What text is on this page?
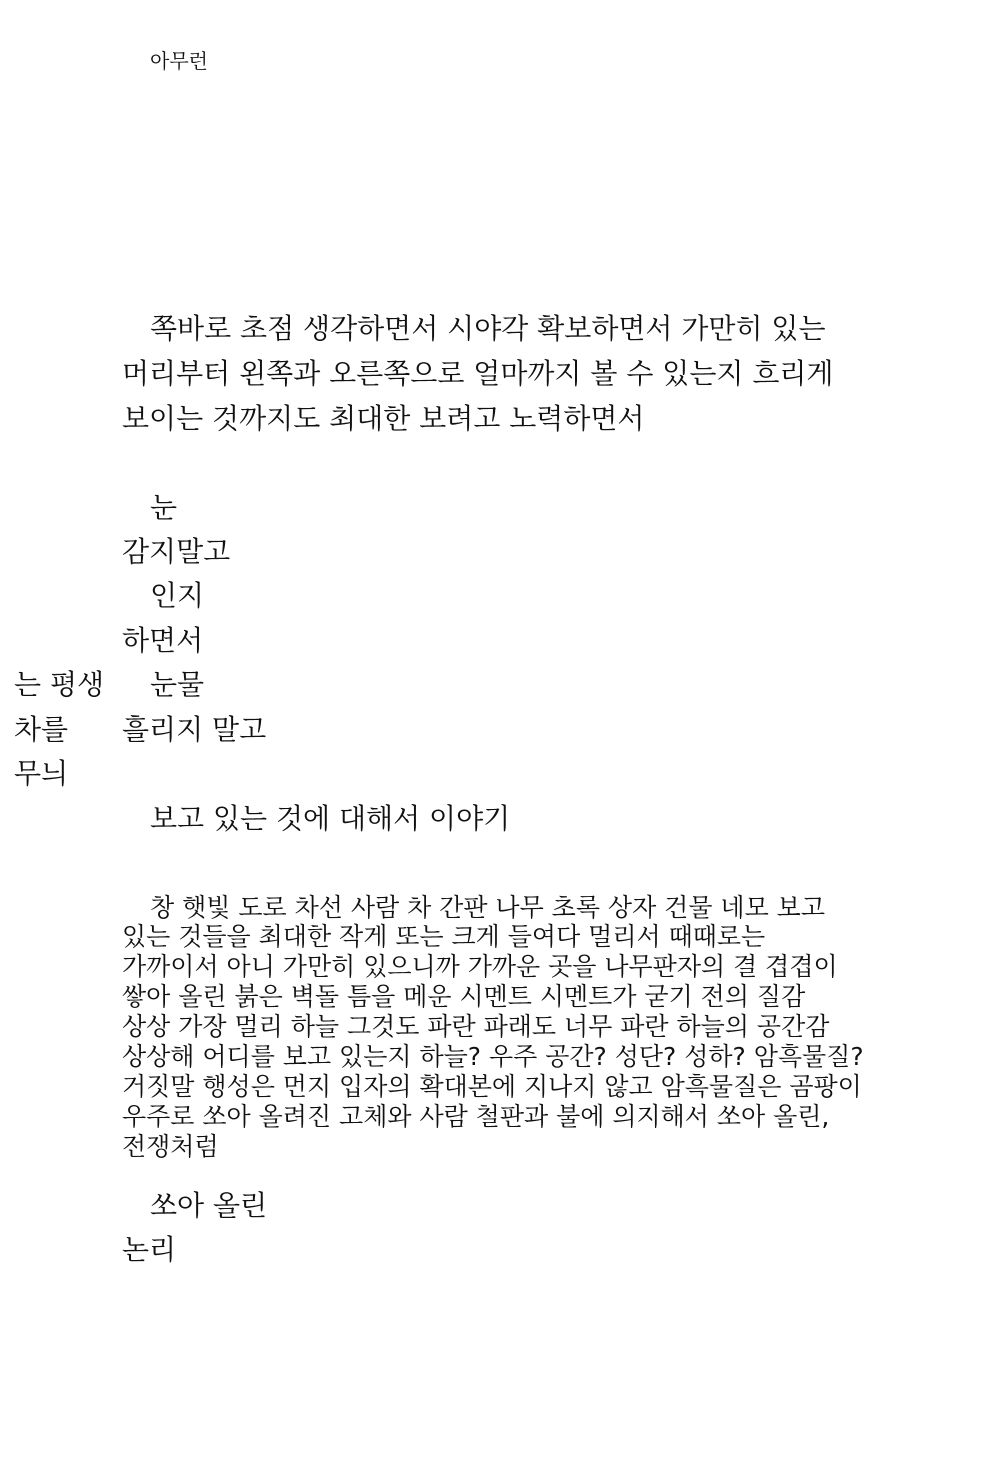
아무런

쪽바로 초점 생각하면서 시야각 확보하면서 가만히 있는

머리부터 왼쪽과 오른쪽으로 얼마까지 볼 수 있는지 흐리게

보이는 것까지도 최대한 보려고 노력하면서

눈

감지말고

인지

하면서

눈물

흘리지 말고

보고 있는 것에 대해서 이야기

는 평생

차를

무늬

창 햇빛 도로 차선 사람 차 간판 나무 초록 상자 건물 네모 보고

있는 것들을 최대한 작게 또는 크게 들여다 멀리서 때때로는

가까이서 아니 가만히 있으니까 가까운 곳을 나무판자의 결 겹겹이

쌓아 올린 붉은 벽돌 틈을 메운 시멘트 시멘트가 굳기 전의 질감

상상 가장 멀리 하늘 그것도 파란 파래도 너무 파란 하늘의 공간감

상상해 어디를 보고 있는지 하늘? 우주 공간? 성단? 성하? 암흑물질?

거짓말 행성은 먼지 입자의 확대본에 지나지 않고 암흑물질은 곰팡이

우주로 쏘아 올려진 고체와 사람 철판과 불에 의지해서 쏘아 올린,

전쟁처럼

쏘아 올린

논리
